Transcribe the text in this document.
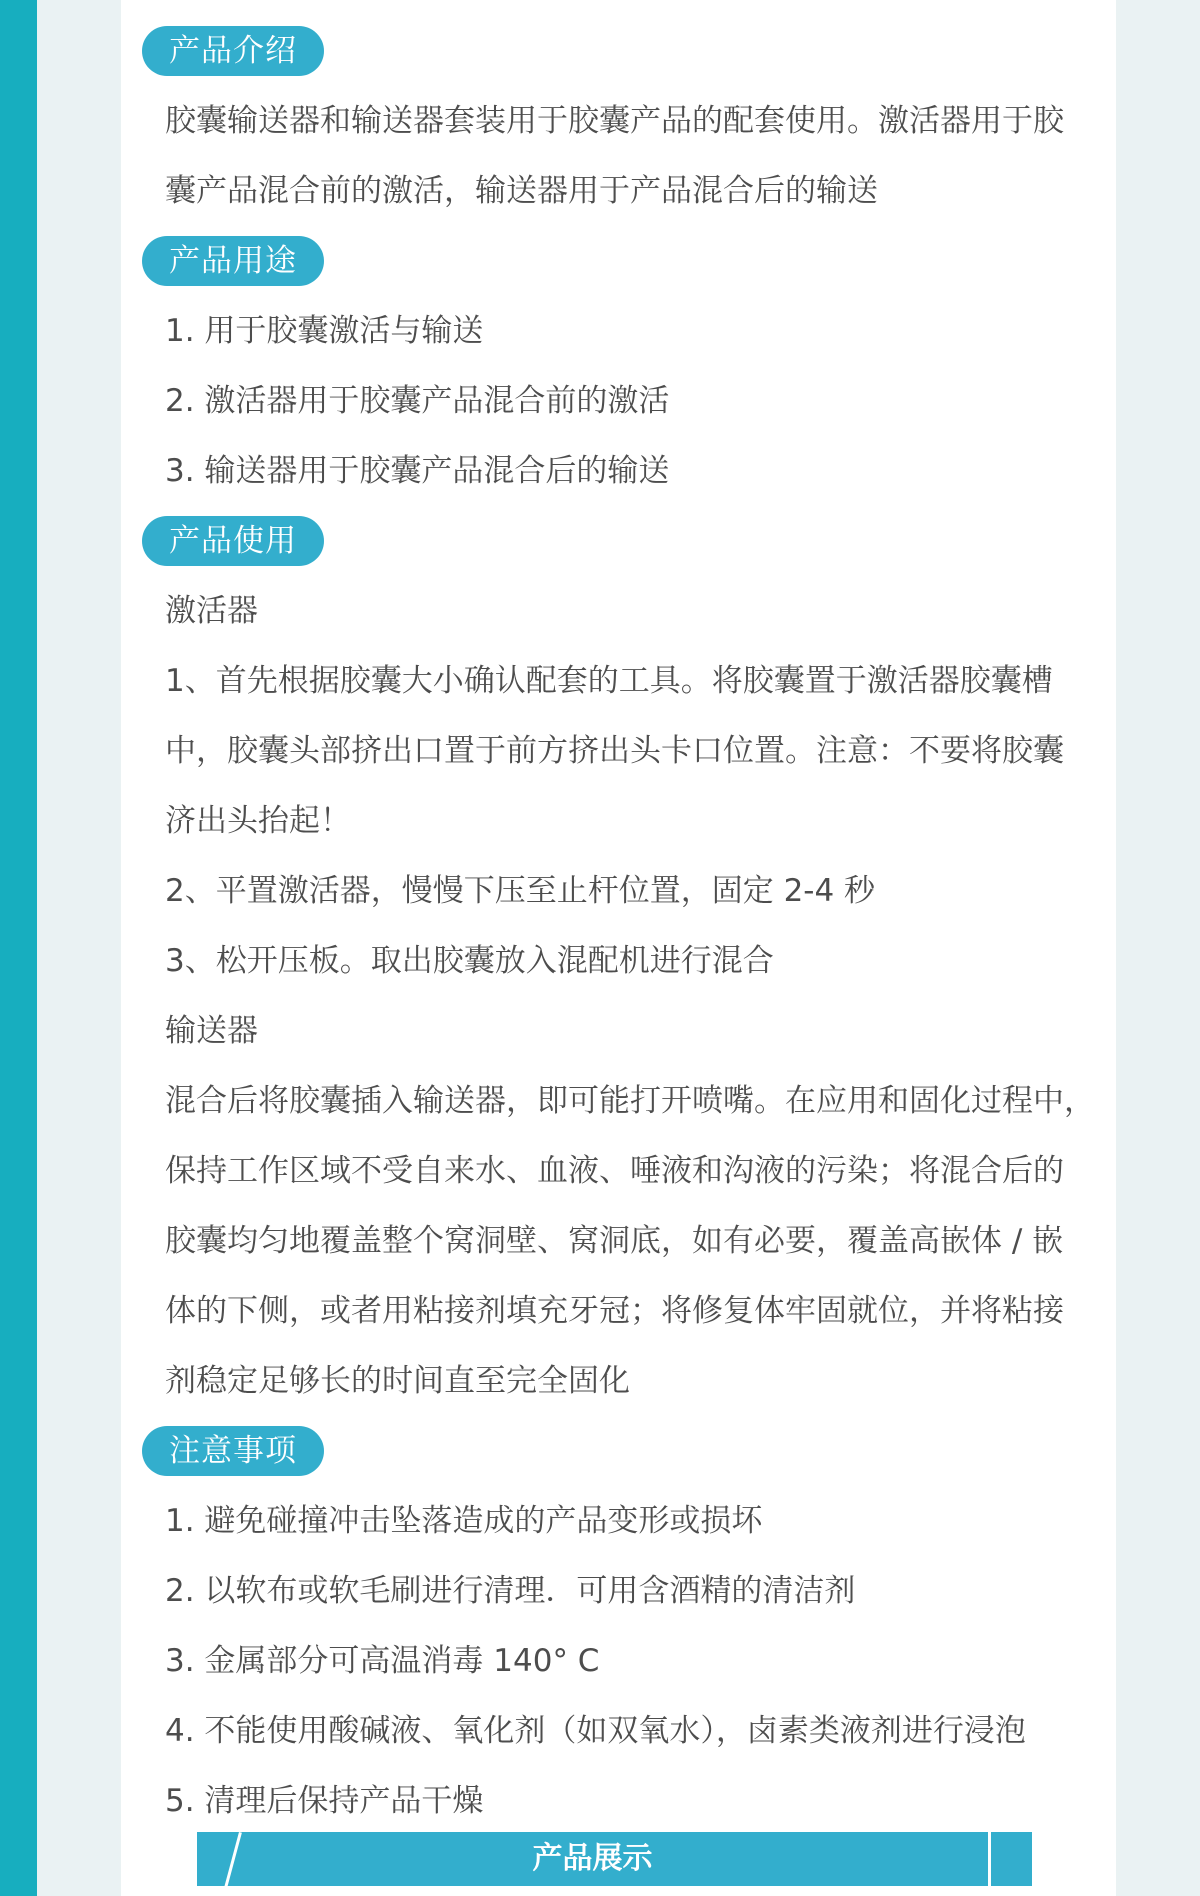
产品介绍
胶囊输送器和输送器套装用于胶囊产品的配套使用。激活器用于胶
囊产品混合前的激活，输送器用于产品混合后的输送
产品用途
1. 用于胶囊激活与输送
2. 激活器用于胶囊产品混合前的激活
3. 输送器用于胶囊产品混合后的输送
产品使用
激活器
1、首先根据胶囊大小确认配套的工具。将胶囊置于激活器胶囊槽
中，胶囊头部挤出口置于前方挤出头卡口位置。注意：不要将胶囊
济出头抬起！
2、平置激活器，慢慢下压至止杆位置，固定 2-4 秒
3、松开压板。取出胶囊放入混配机进行混合
输送器
混合后将胶囊插入输送器，即可能打开喷嘴。在应用和固化过程中，
保持工作区域不受自来水、血液、唾液和沟液的污染；将混合后的
胶囊均匀地覆盖整个窝洞壁、窝洞底，如有必要，覆盖高嵌体 / 嵌
体的下侧，或者用粘接剂填充牙冠；将修复体牢固就位，并将粘接
剂稳定足够长的时间直至完全固化
注意事项
1. 避免碰撞冲击坠落造成的产品变形或损坏
2. 以软布或软毛刷进行清理．可用含酒精的清洁剂
3. 金属部分可高温消毒 140° C
4. 不能使用酸碱液、氧化剂（如双氧水），卤素类液剂进行浸泡
5. 清理后保持产品干燥
产品展示
